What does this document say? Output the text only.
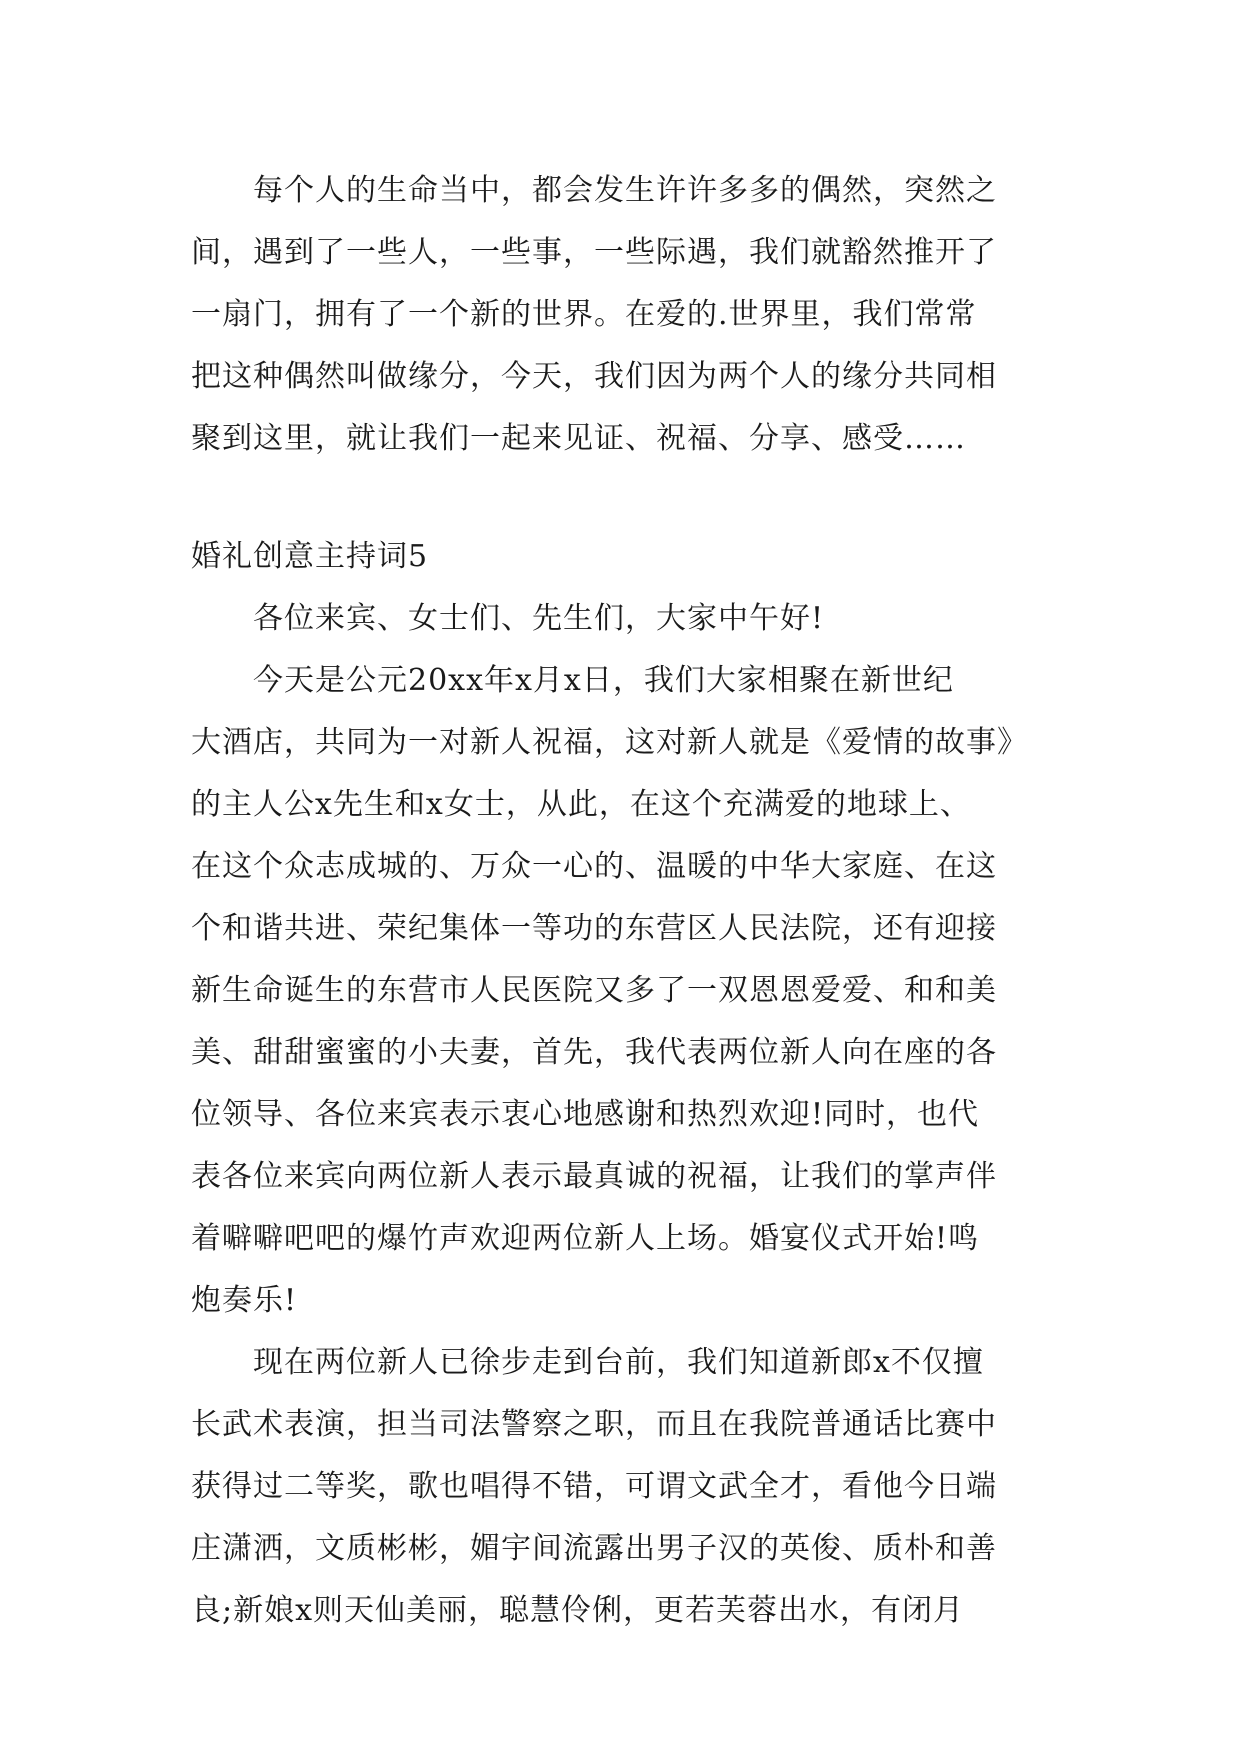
每个人的生命当中，都会发生许许多多的偶然，突然之
间，遇到了一些人，一些事，一些际遇，我们就豁然推开了
一扇门，拥有了一个新的世界。在爱的.世界里，我们常常
把这种偶然叫做缘分，今天，我们因为两个人的缘分共同相
聚到这里，就让我们一起来见证、祝福、分享、感受……
婚礼创意主持词5
各位来宾、女士们、先生们，大家中午好!
今天是公元20xx年x月x日，我们大家相聚在新世纪
大酒店，共同为一对新人祝福，这对新人就是《爱情的故事》
的主人公x先生和x女士，从此，在这个充满爱的地球上、
在这个众志成城的、万众一心的、温暖的中华大家庭、在这
个和谐共进、荣纪集体一等功的东营区人民法院，还有迎接
新生命诞生的东营市人民医院又多了一双恩恩爱爱、和和美
美、甜甜蜜蜜的小夫妻，首先，我代表两位新人向在座的各
位领导、各位来宾表示衷心地感谢和热烈欢迎!同时，也代
表各位来宾向两位新人表示最真诚的祝福，让我们的掌声伴
着噼噼吧吧的爆竹声欢迎两位新人上场。婚宴仪式开始!鸣
炮奏乐!
现在两位新人已徐步走到台前，我们知道新郎x不仅擅
长武术表演，担当司法警察之职，而且在我院普通话比赛中
获得过二等奖，歌也唱得不错，可谓文武全才，看他今日端
庄潇洒，文质彬彬，媚宇间流露出男子汉的英俊、质朴和善
良;新娘x则天仙美丽，聪慧伶俐，更若芙蓉出水，有闭月
